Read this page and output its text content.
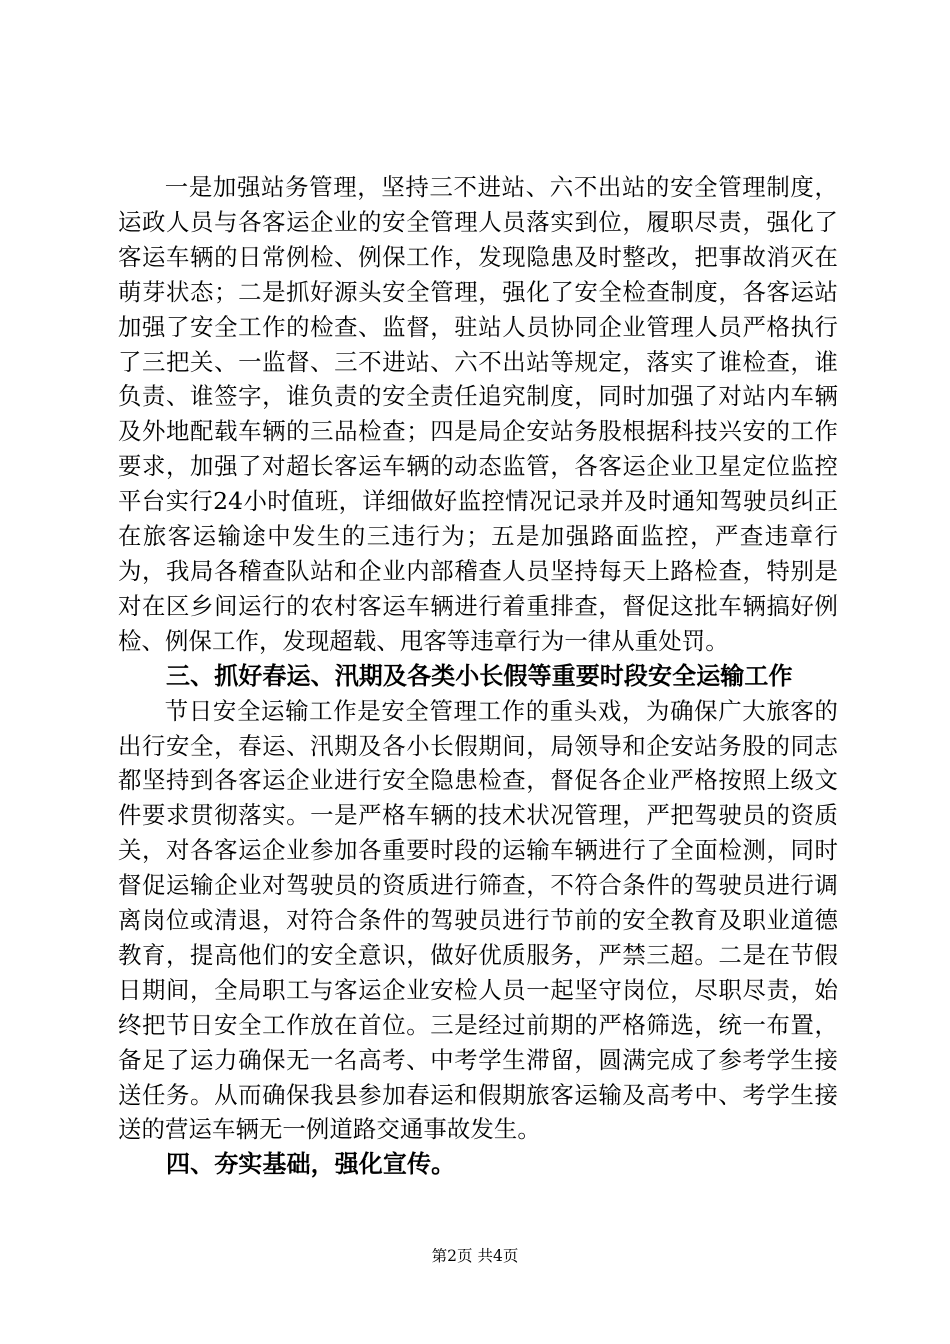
一是加强站务管理，坚持三不进站、六不出站的安全管理制度，运政人员与各客运企业的安全管理人员落实到位，履职尽责，强化了客运车辆的日常例检、例保工作，发现隐患及时整改，把事故消灭在萌芽状态；二是抓好源头安全管理，强化了安全检查制度，各客运站加强了安全工作的检查、监督，驻站人员协同企业管理人员严格执行了三把关、一监督、三不进站、六不出站等规定，落实了谁检查，谁负责、谁签字，谁负责的安全责任追究制度，同时加强了对站内车辆及外地配载车辆的三品检查；四是局企安站务股根据科技兴安的工作要求，加强了对超长客运车辆的动态监管，各客运企业卫星定位监控平台实行24小时值班，详细做好监控情况记录并及时通知驾驶员纠正在旅客运输途中发生的三违行为；五是加强路面监控，严查违章行为，我局各稽查队站和企业内部稽查人员坚持每天上路检查，特别是对在区乡间运行的农村客运车辆进行着重排查，督促这批车辆搞好例检、例保工作，发现超载、甩客等违章行为一律从重处罚。

三、抓好春运、汛期及各类小长假等重要时段安全运输工作

节日安全运输工作是安全管理工作的重头戏，为确保广大旅客的出行安全，春运、汛期及各小长假期间，局领导和企安站务股的同志都坚持到各客运企业进行安全隐患检查，督促各企业严格按照上级文件要求贯彻落实。一是严格车辆的技术状况管理，严把驾驶员的资质关，对各客运企业参加各重要时段的运输车辆进行了全面检测，同时督促运输企业对驾驶员的资质进行筛查，不符合条件的驾驶员进行调离岗位或清退，对符合条件的驾驶员进行节前的安全教育及职业道德教育，提高他们的安全意识，做好优质服务，严禁三超。二是在节假日期间，全局职工与客运企业安检人员一起坚守岗位，尽职尽责，始终把节日安全工作放在首位。三是经过前期的严格筛选，统一布置，备足了运力确保无一名高考、中考学生滞留，圆满完成了参考学生接送任务。从而确保我县参加春运和假期旅客运输及高考中、考学生接送的营运车辆无一例道路交通事故发生。

四、夯实基础，强化宣传。

第2页 共4页
